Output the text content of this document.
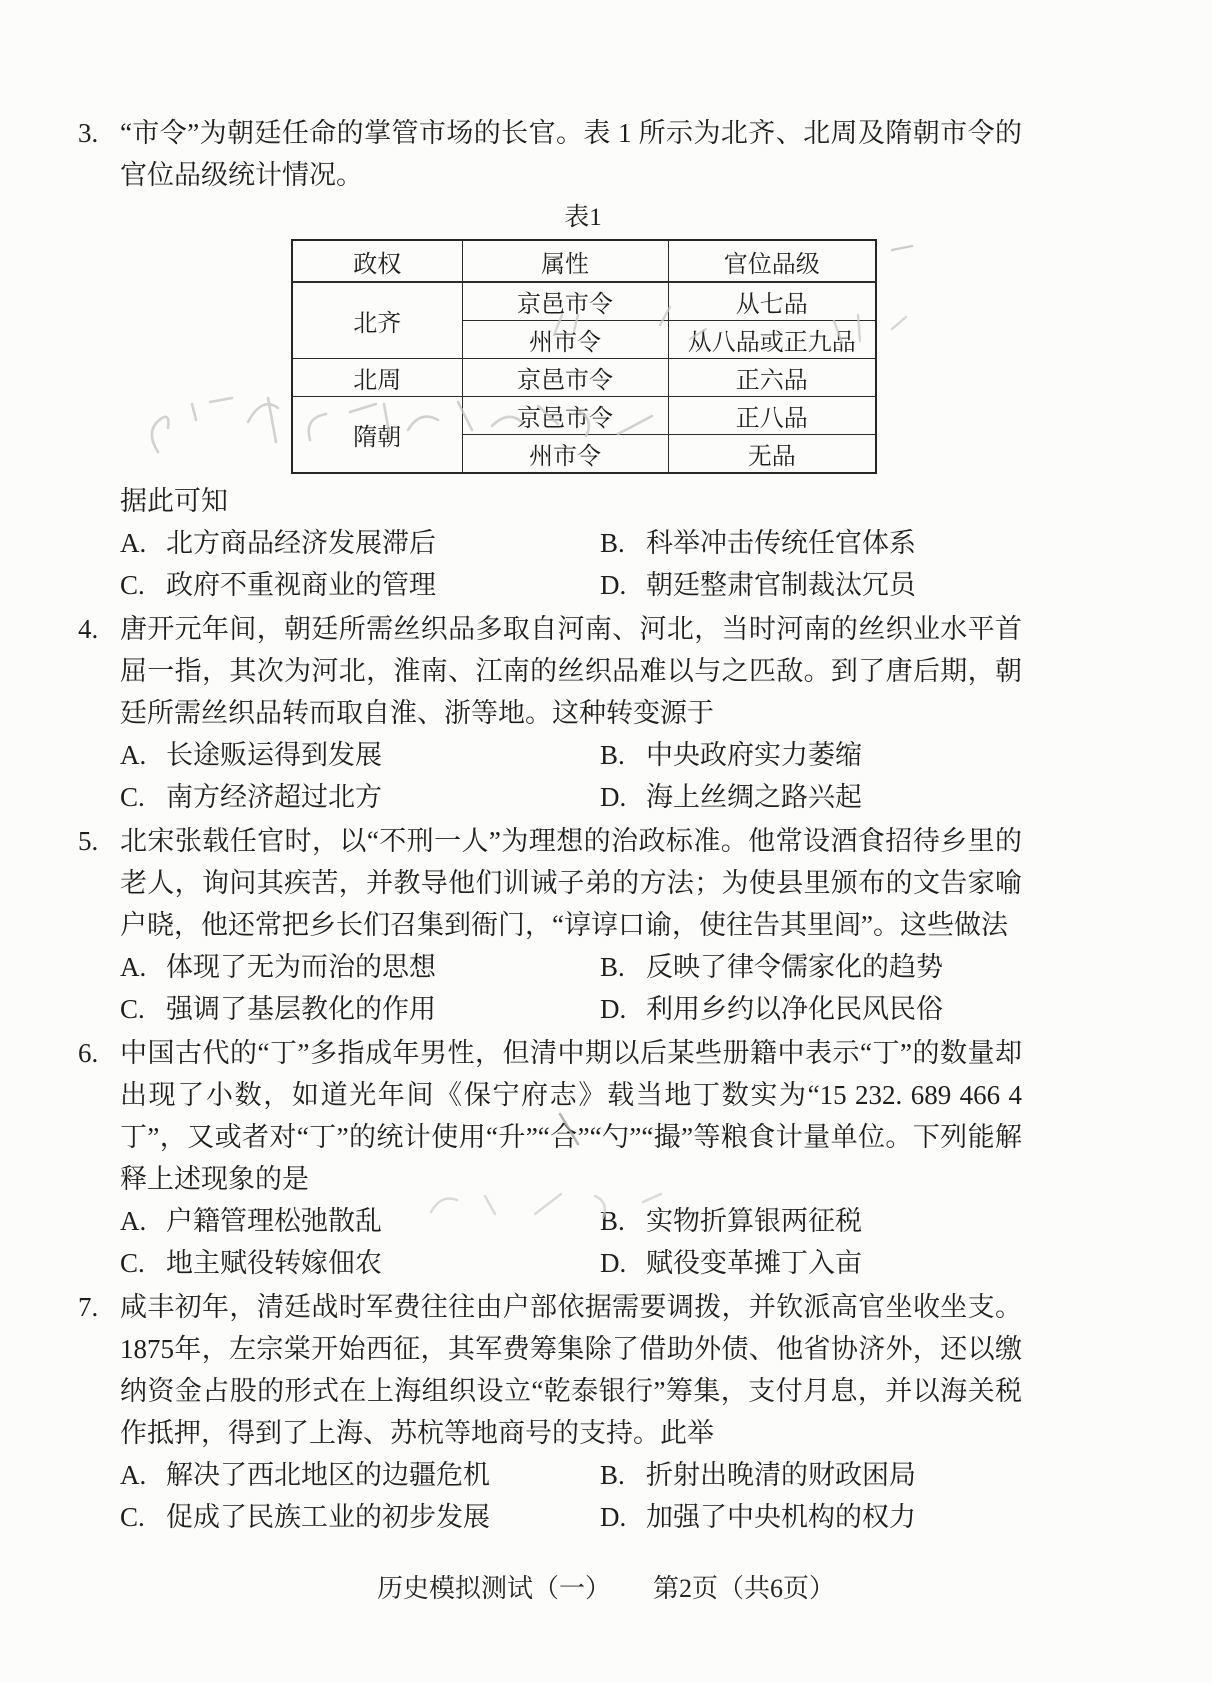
3. “市令”为朝廷任命的掌管市场的长官。表 1 所示为北齐、北周及隋朝市令的官位品级统计情况。

表1
政权	属性	官位品级
北齐	京邑市令	从七品
	州市令	从八品或正九品
北周	京邑市令	正六品
隋朝	京邑市令	正八品
	州市令	无品

据此可知

A. 北方商品经济发展滞后	B. 科举冲击传统任官体系
C. 政府不重视商业的管理	D. 朝廷整肃官制裁汰冗员
4. 唐开元年间，朝廷所需丝织品多取自河南、河北，当时河南的丝织业水平首屈一指，其次为河北，淮南、江南的丝织品难以与之匹敌。到了唐后期，朝廷所需丝织品转而取自淮、浙等地。这种转变源于

A. 长途贩运得到发展	B. 中央政府实力萎缩
C. 南方经济超过北方	D. 海上丝绸之路兴起
5. 北宋张载任官时，以“不刑一人”为理想的治政标准。他常设酒食招待乡里的老人，询问其疾苦，并教导他们训诫子弟的方法；为使县里颁布的文告家喻户晓，他还常把乡长们召集到衙门，“谆谆口谕，使往告其里闾”。这些做法

A. 体现了无为而治的思想	B. 反映了律令儒家化的趋势
C. 强调了基层教化的作用	D. 利用乡约以净化民风民俗
6. 中国古代的“丁”多指成年男性，但清中期以后某些册籍中表示“丁”的数量却出现了小数，如道光年间《保宁府志》载当地丁数实为“15 232. 689 466 4 丁”，又或者对“丁”的统计使用“升”“合”“勺”“撮”等粮食计量单位。下列能解释上述现象的是

A. 户籍管理松弛散乱	B. 实物折算银两征税
C. 地主赋役转嫁佃农	D. 赋役变革摊丁入亩
7. 咸丰初年，清廷战时军费往往由户部依据需要调拨，并钦派高官坐收坐支。1875年，左宗棠开始西征，其军费筹集除了借助外债、他省协济外，还以缴纳资金占股的形式在上海组织设立“乾泰银行”筹集，支付月息，并以海关税作抵押，得到了上海、苏杭等地商号的支持。此举

A. 解决了西北地区的边疆危机	B. 折射出晚清的财政困局
C. 促成了民族工业的初步发展	D. 加强了中央机构的权力
历史模拟测试（一） 第2页（共6页）
